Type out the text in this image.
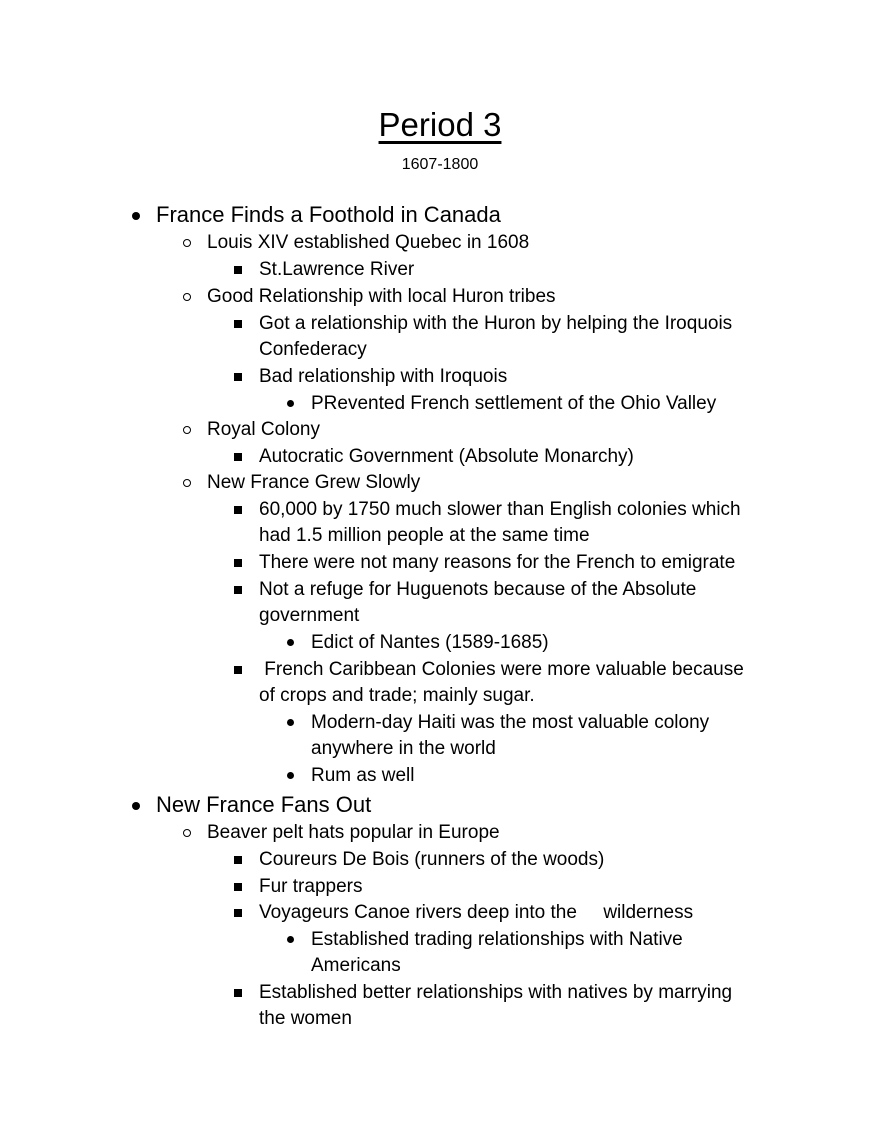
Period 3
1607-1800
France Finds a Foothold in Canada
Louis XIV established Quebec in 1608
St.Lawrence River
Good Relationship with local Huron tribes
Got a relationship with the Huron by helping the Iroquois
Confederacy
Bad relationship with Iroquois
PRevented French settlement of the Ohio Valley
Royal Colony
Autocratic Government (Absolute Monarchy)
New France Grew Slowly
60,000 by 1750 much slower than English colonies which
had 1.5 million people at the same time
There were not many reasons for the French to emigrate
Not a refuge for Huguenots because of the Absolute
government
Edict of Nantes (1589-1685)
French Caribbean Colonies were more valuable because
of crops and trade; mainly sugar.
Modern-day Haiti was the most valuable colony
anywhere in the world
Rum as well
New France Fans Out
Beaver pelt hats popular in Europe
Coureurs De Bois (runners of the woods)
Fur trappers
Voyageurs Canoe rivers deep into the     wilderness
Established trading relationships with Native
Americans
Established better relationships with natives by marrying
the women
